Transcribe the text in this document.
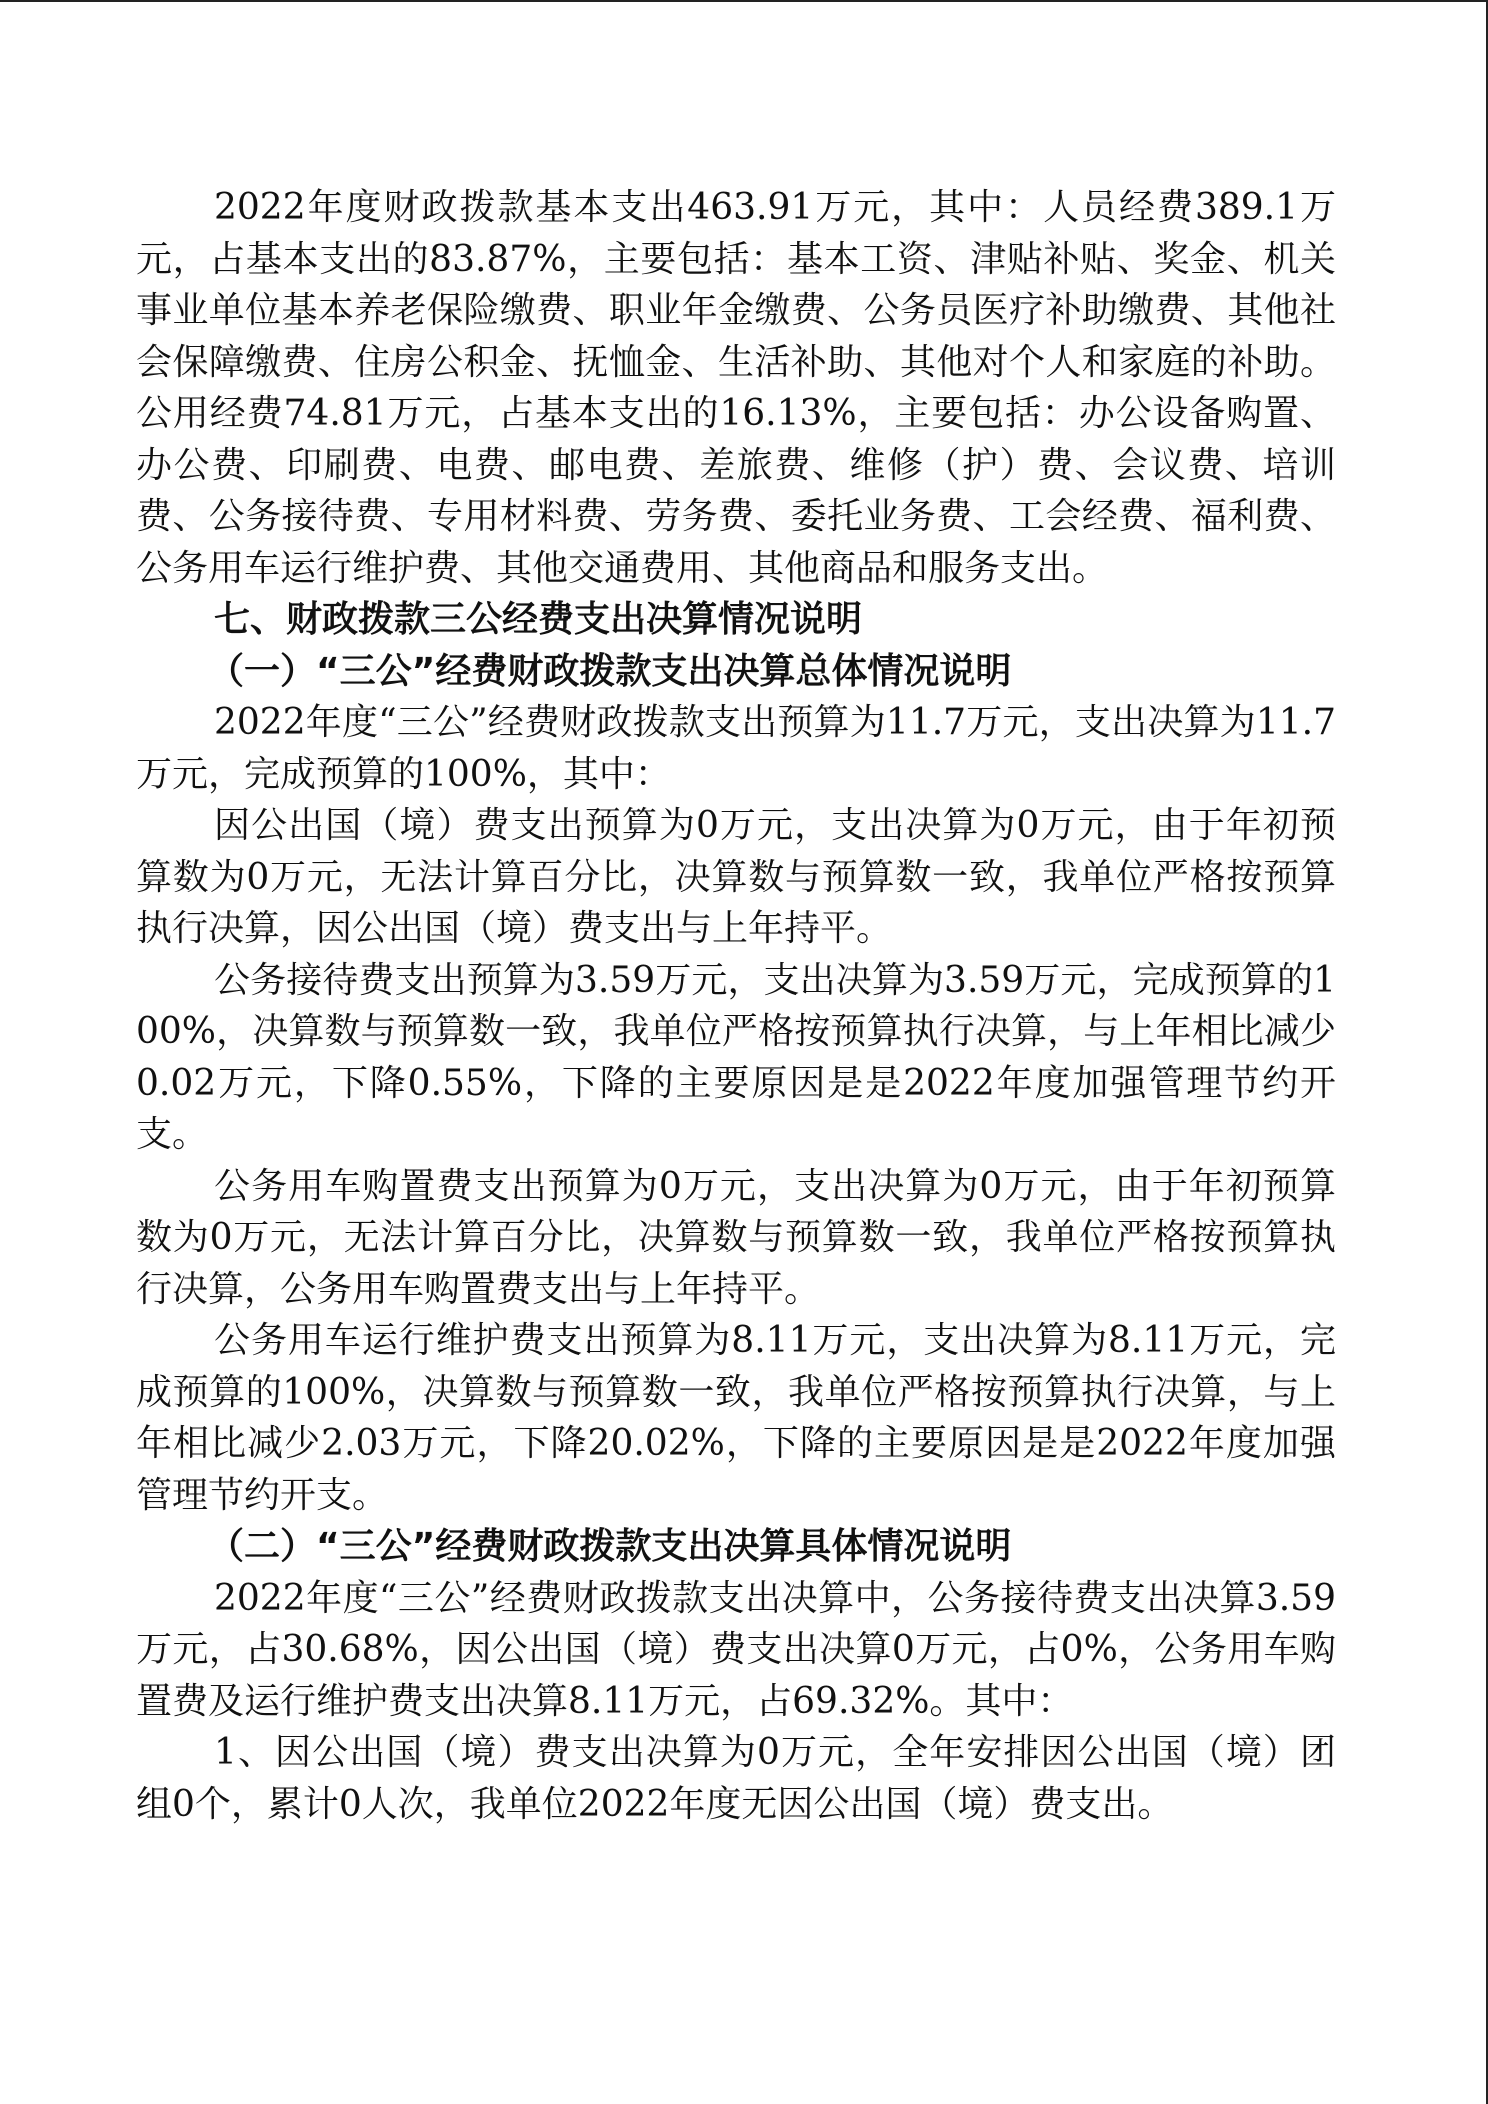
2022年度财政拨款基本支出463.91万元，其中：人员经费389.1万元，占基本支出的83.87%，主要包括：基本工资、津贴补贴、奖金、机关事业单位基本养老保险缴费、职业年金缴费、公务员医疗补助缴费、其他社会保障缴费、住房公积金、抚恤金、生活补助、其他对个人和家庭的补助。公用经费74.81万元，占基本支出的16.13%，主要包括：办公设备购置、办公费、印刷费、电费、邮电费、差旅费、维修（护）费、会议费、培训费、公务接待费、专用材料费、劳务费、委托业务费、工会经费、福利费、公务用车运行维护费、其他交通费用、其他商品和服务支出。

七、财政拨款三公经费支出决算情况说明

（一）“三公”经费财政拨款支出决算总体情况说明

2022年度“三公”经费财政拨款支出预算为11.7万元，支出决算为11.7万元，完成预算的100%，其中：

因公出国（境）费支出预算为0万元，支出决算为0万元，由于年初预算数为0万元，无法计算百分比，决算数与预算数一致，我单位严格按预算执行决算，因公出国（境）费支出与上年持平。

公务接待费支出预算为3.59万元，支出决算为3.59万元，完成预算的100%，决算数与预算数一致，我单位严格按预算执行决算，与上年相比减少0.02万元，下降0.55%，下降的主要原因是是2022年度加强管理节约开支。

公务用车购置费支出预算为0万元，支出决算为0万元，由于年初预算数为0万元，无法计算百分比，决算数与预算数一致，我单位严格按预算执行决算，公务用车购置费支出与上年持平。

公务用车运行维护费支出预算为8.11万元，支出决算为8.11万元，完成预算的100%，决算数与预算数一致，我单位严格按预算执行决算，与上年相比减少2.03万元，下降20.02%，下降的主要原因是是2022年度加强管理节约开支。

（二）“三公”经费财政拨款支出决算具体情况说明

2022年度“三公”经费财政拨款支出决算中，公务接待费支出决算3.59万元，占30.68%，因公出国（境）费支出决算0万元，占0%，公务用车购置费及运行维护费支出决算8.11万元，占69.32%。其中：

1、因公出国（境）费支出决算为0万元，全年安排因公出国（境）团组0个，累计0人次，我单位2022年度无因公出国（境）费支出。
